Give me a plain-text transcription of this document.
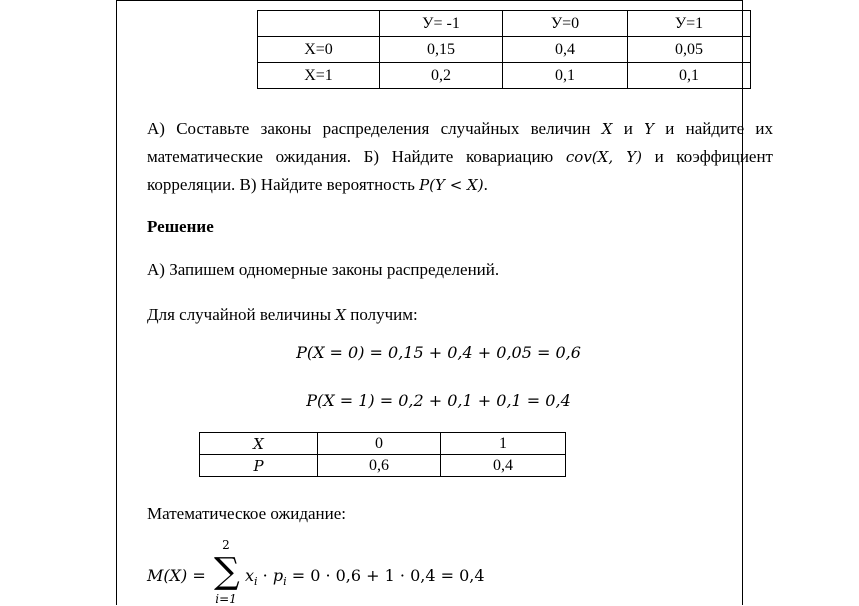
	У= -1	У=0	У=1
Х=0	0,15	0,4	0,05
Х=1	0,2	0,1	0,1

А) Составьте законы распределения случайных величин X и Y и найдите их математические ожидания. Б) Найдите ковариацию cov(X, Y) и коэффициент корреляции. В) Найдите вероятность P(Y < X).

Решение

А) Запишем одномерные законы распределений.

Для случайной величины X получим:

P(X = 0) = 0,15 + 0,4 + 0,05 = 0,6
P(X = 1) = 0,2 + 0,1 + 0,1 = 0,4
X	0	1
P	0,6	0,4

Математическое ожидание:

M(X) =
2
∑
i=1
$x_i \cdot p_i = 0 \cdot 0,6 + 1 \cdot 0,4 = 0,4$
